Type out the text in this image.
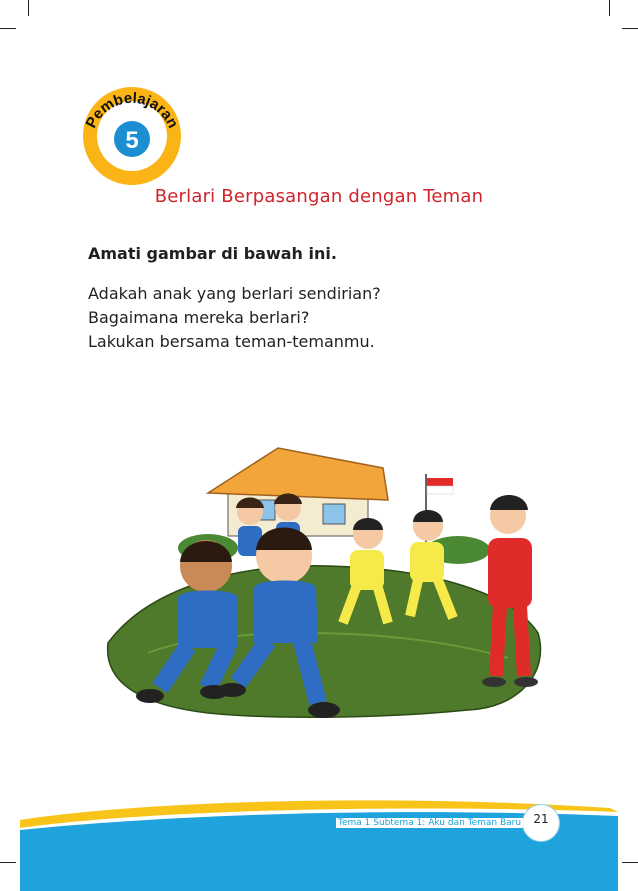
Pembelajaran
5
Berlari Berpasangan dengan Teman
Amati gambar di bawah ini.
Adakah anak yang berlari sendirian?
Bagaimana mereka berlari?
Lakukan bersama teman-temanmu.
21
Tema 1 Subtema 1: Aku dan Teman Baru
